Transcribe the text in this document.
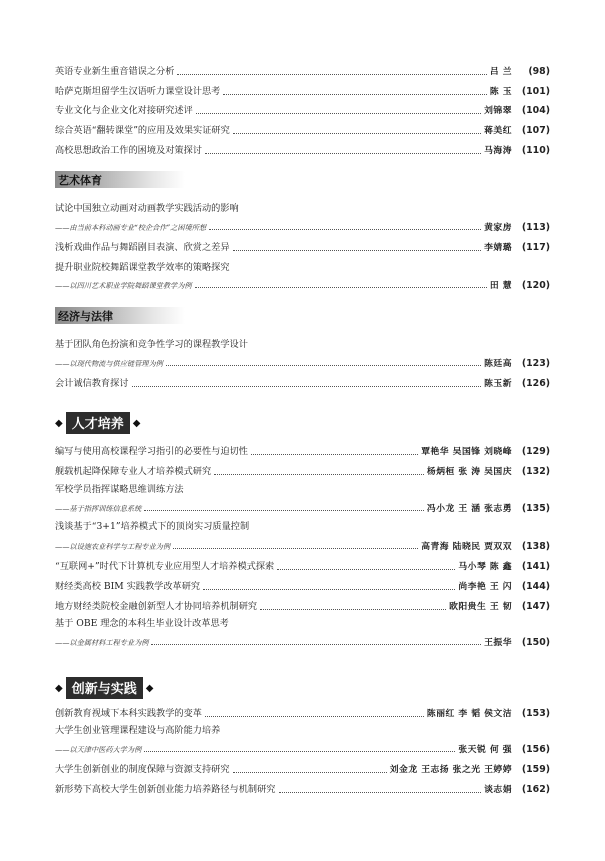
英语专业新生重音错误之分析	吕 兰	(98)
哈萨克斯坦留学生汉语听力课堂设计思考	陈 玉	(101)
专业文化与企业文化对接研究述评	刘锦翠	(104)
综合英语“翻转课堂”的应用及效果实证研究	蒋美红	(107)
高校思想政治工作的困境及对策探讨	马海涛	(110)
艺术体育
试论中国独立动画对动画教学实践活动的影响
——由当前本科动画专业“校企合作”之困境所想	黄家房	(113)
浅析戏曲作品与舞蹈剧目表演、欣赏之差异	李婧璐	(117)
提升职业院校舞蹈课堂教学效率的策略探究
——以四川艺术职业学院舞蹈课堂教学为例	田 慧	(120)
经济与法律
基于团队角色扮演和竞争性学习的课程教学设计
——以现代物流与供应链管理为例	陈廷高	(123)
会计诚信教育探讨	陈玉新	(126)
◆ 人才培养 ◆
编写与使用高校课程学习指引的必要性与迫切性	覃艳华 吴国锋 刘晓峰	(129)
舰载机起降保障专业人才培养模式研究	杨炳桓 张 涛 吴国庆	(132)
军校学员指挥谋略思维训练方法
——基于指挥训练信息系统	冯小龙 王 涵 张志勇	(135)
浅谈基于“3+1”培养模式下的顶岗实习质量控制
——以设施农业科学与工程专业为例	高青海 陆晓民 贾双双	(138)
“互联网+”时代下计算机专业应用型人才培养模式探索	马小琴 陈 鑫	(141)
财经类高校 BIM 实践教学改革研究	尚李艳 王 闪	(144)
地方财经类院校金融创新型人才协同培养机制研究	欧阳贵生 王 韧	(147)
基于 OBE 理念的本科生毕业设计改革思考
——以金属材料工程专业为例	王振华	(150)
◆ 创新与实践 ◆
创新教育视域下本科实践教学的变革	陈丽红 李 韬 侯文洁	(153)
大学生创业管理课程建设与高阶能力培养
——以天津中医药大学为例	张天锐 何 强	(156)
大学生创新创业的制度保障与资源支持研究	刘金龙 王志扬 张之光 王婷婷	(159)
新形势下高校大学生创新创业能力培养路径与机制研究	谈志娟	(162)
